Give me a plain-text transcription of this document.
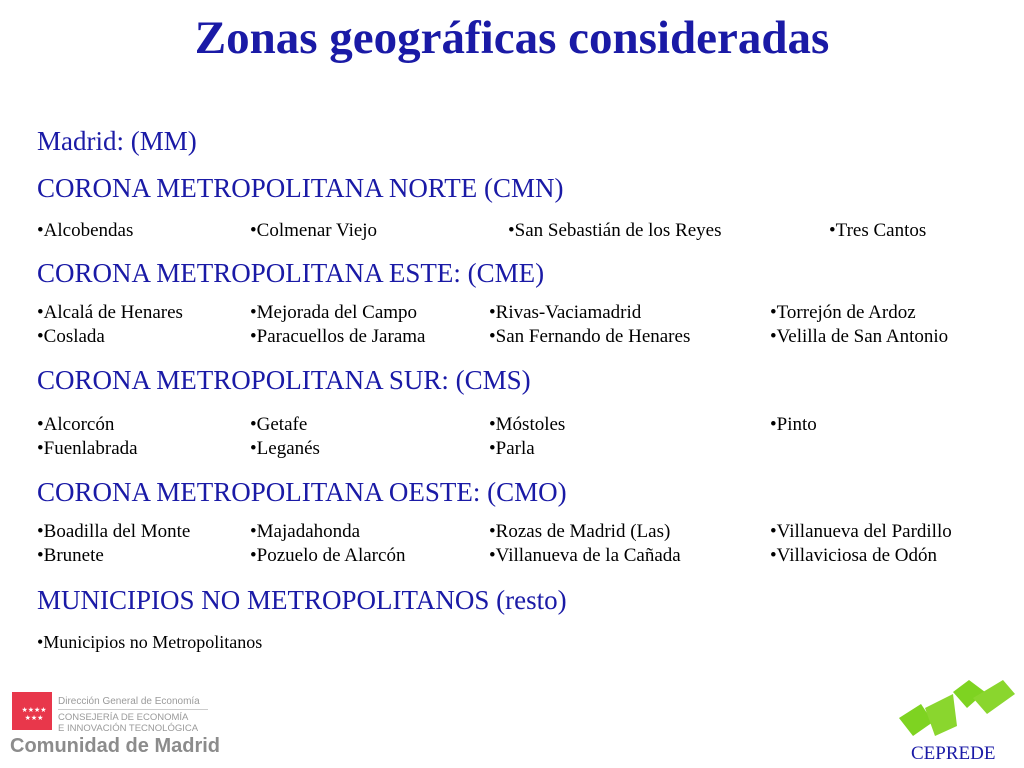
Zonas geográficas consideradas
Madrid: (MM)
CORONA METROPOLITANA NORTE (CMN)
•Alcobendas	•Colmenar Viejo	•San Sebastián de los Reyes	•Tres Cantos
CORONA METROPOLITANA ESTE: (CME)
•Alcalá de Henares	•Mejorada del Campo	•Rivas-Vaciamadrid	•Torrejón de Ardoz
•Coslada	•Paracuellos de Jarama	•San Fernando de Henares	•Velilla de San Antonio
CORONA METROPOLITANA SUR: (CMS)
•Alcorcón	•Getafe	•Móstoles	•Pinto
•Fuenlabrada	•Leganés	•Parla
CORONA METROPOLITANA OESTE: (CMO)
•Boadilla del Monte	•Majadahonda	•Rozas de Madrid (Las)	•Villanueva del Pardillo
•Brunete	•Pozuelo de Alarcón	•Villanueva de la Cañada	•Villaviciosa de Odón
MUNICIPIOS NO METROPOLITANOS (resto)
•Municipios no Metropolitanos
★★★★
★★★
Dirección General de Economía
CONSEJERÍA DE ECONOMÍA
E INNOVACIÓN TECNOLÓGICA
Comunidad de Madrid	CEPREDE
